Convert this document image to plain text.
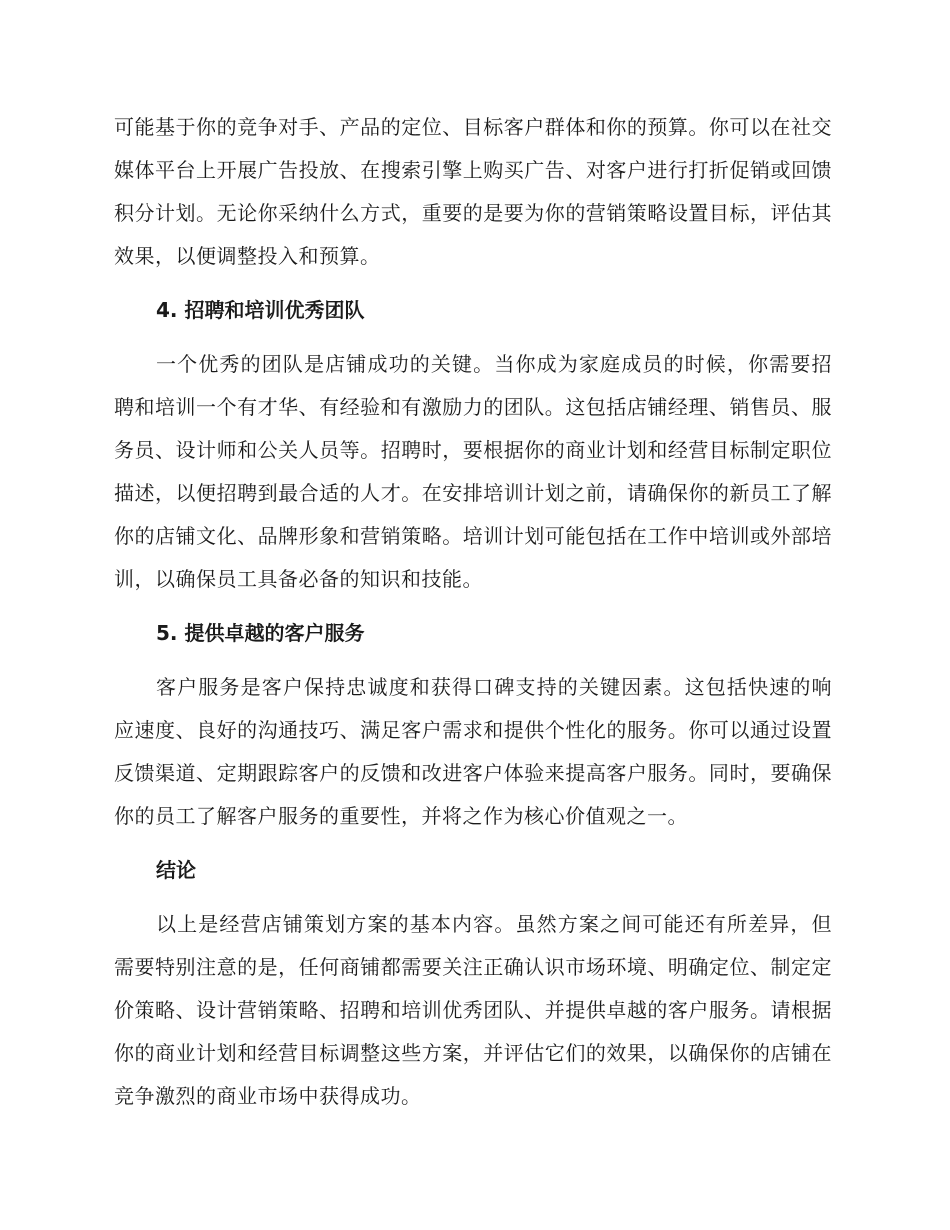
可能基于你的竞争对手、产品的定位、目标客户群体和你的预算。你可以在社交媒体平台上开展广告投放、在搜索引擎上购买广告、对客户进行打折促销或回馈积分计划。无论你采纳什么方式，重要的是要为你的营销策略设置目标，评估其效果，以便调整投入和预算。

4. 招聘和培训优秀团队

一个优秀的团队是店铺成功的关键。当你成为家庭成员的时候，你需要招聘和培训一个有才华、有经验和有激励力的团队。这包括店铺经理、销售员、服务员、设计师和公关人员等。招聘时，要根据你的商业计划和经营目标制定职位描述，以便招聘到最合适的人才。在安排培训计划之前，请确保你的新员工了解你的店铺文化、品牌形象和营销策略。培训计划可能包括在工作中培训或外部培训，以确保员工具备必备的知识和技能。

5. 提供卓越的客户服务

客户服务是客户保持忠诚度和获得口碑支持的关键因素。这包括快速的响应速度、良好的沟通技巧、满足客户需求和提供个性化的服务。你可以通过设置反馈渠道、定期跟踪客户的反馈和改进客户体验来提高客户服务。同时，要确保你的员工了解客户服务的重要性，并将之作为核心价值观之一。

结论

以上是经营店铺策划方案的基本内容。虽然方案之间可能还有所差异，但需要特别注意的是，任何商铺都需要关注正确认识市场环境、明确定位、制定定价策略、设计营销策略、招聘和培训优秀团队、并提供卓越的客户服务。请根据你的商业计划和经营目标调整这些方案，并评估它们的效果，以确保你的店铺在竞争激烈的商业市场中获得成功。
